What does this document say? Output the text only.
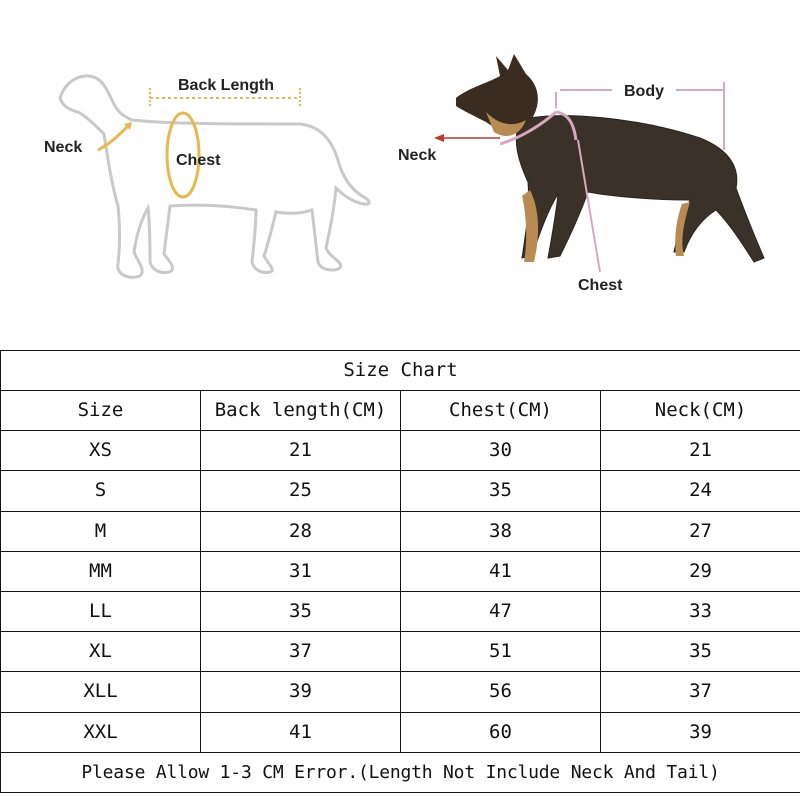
Back Length
Neck
Chest
Body
Neck
Chest
Size Chart			
Size	Back length(CM)	Chest(CM)	Neck(CM)
XS	21	30	21
S	25	35	24
M	28	38	27
MM	31	41	29
LL	35	47	33
XL	37	51	35
XLL	39	56	37
XXL	41	60	39
Please Allow 1-3 CM Error.(Length Not Include Neck And Tail)			
